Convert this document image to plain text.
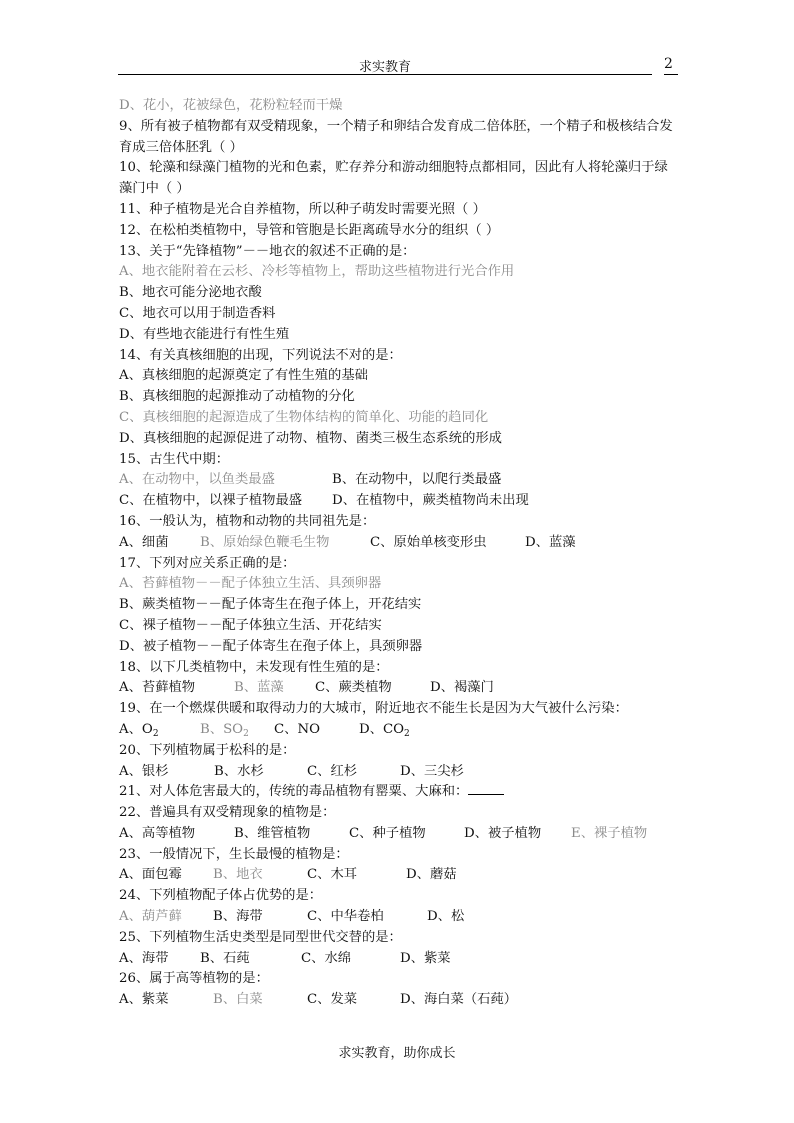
求实教育	2
D、花小，花被绿色，花粉粒轻而干燥
9、所有被子植物都有双受精现象，一个精子和卵结合发育成二倍体胚，一个精子和极核结合发育成三倍体胚乳（ ）
10、轮藻和绿藻门植物的光和色素，贮存养分和游动细胞特点都相同，因此有人将轮藻归于绿藻门中（ ）
11、种子植物是光合自养植物，所以种子萌发时需要光照（ ）
12、在松柏类植物中，导管和管胞是长距离疏导水分的组织（ ）
13、关于“先锋植物”－－地衣的叙述不正确的是：
A、地衣能附着在云杉、冷杉等植物上，帮助这些植物进行光合作用
B、地衣可能分泌地衣酸
C、地衣可以用于制造香料
D、有些地衣能进行有性生殖
14、有关真核细胞的出现，下列说法不对的是：
A、真核细胞的起源奠定了有性生殖的基础
B、真核细胞的起源推动了动植物的分化
C、真核细胞的起源造成了生物体结构的简单化、功能的趋同化
D、真核细胞的起源促进了动物、植物、菌类三极生态系统的形成
15、古生代中期：
A、在动物中，以鱼类最盛	B、在动物中，以爬行类最盛
C、在植物中，以裸子植物最盛 D、在植物中，蕨类植物尚未出现
16、一般认为，植物和动物的共同祖先是：
A、细菌 B、原始绿色鞭毛生物	C、原始单核变形虫	D、蓝藻
17、下列对应关系正确的是：
A、苔藓植物－－配子体独立生活、具颈卵器
B、蕨类植物－－配子体寄生在孢子体上，开花结实
C、裸子植物－－配子体独立生活、开花结实
D、被子植物－－配子体寄生在孢子体上，具颈卵器
18、以下几类植物中，未发现有性生殖的是：
A、苔藓植物	B、蓝藻 C、蕨类植物	D、褐藻门
19、在一个燃煤供暖和取得动力的大城市，附近地衣不能生长是因为大气被什么污染：
A、$O_2$	B、$SO_2$ C、NO	D、$CO_2$
20、下列植物属于松科的是：
A、银杉	B、水杉	C、红杉	D、三尖杉
21、对人体危害最大的，传统的毒品植物有罂粟、大麻和：
22、普遍具有双受精现象的植物是：
A、高等植物	B、维管植物	C、种子植物	D、被子植物 E、裸子植物
23、一般情况下，生长最慢的植物是：
A、面包霉 B、地衣	C、木耳	D、蘑菇
24、下列植物配子体占优势的是：
A、葫芦藓 B、海带	C、中华卷柏	D、松
25、下列植物生活史类型是同型世代交替的是：
A、海带 B、石莼	C、水绵	D、紫菜
26、属于高等植物的是：
A、紫菜	B、白菜	C、发菜	D、海白菜（石莼）
求实教育，助你成长
